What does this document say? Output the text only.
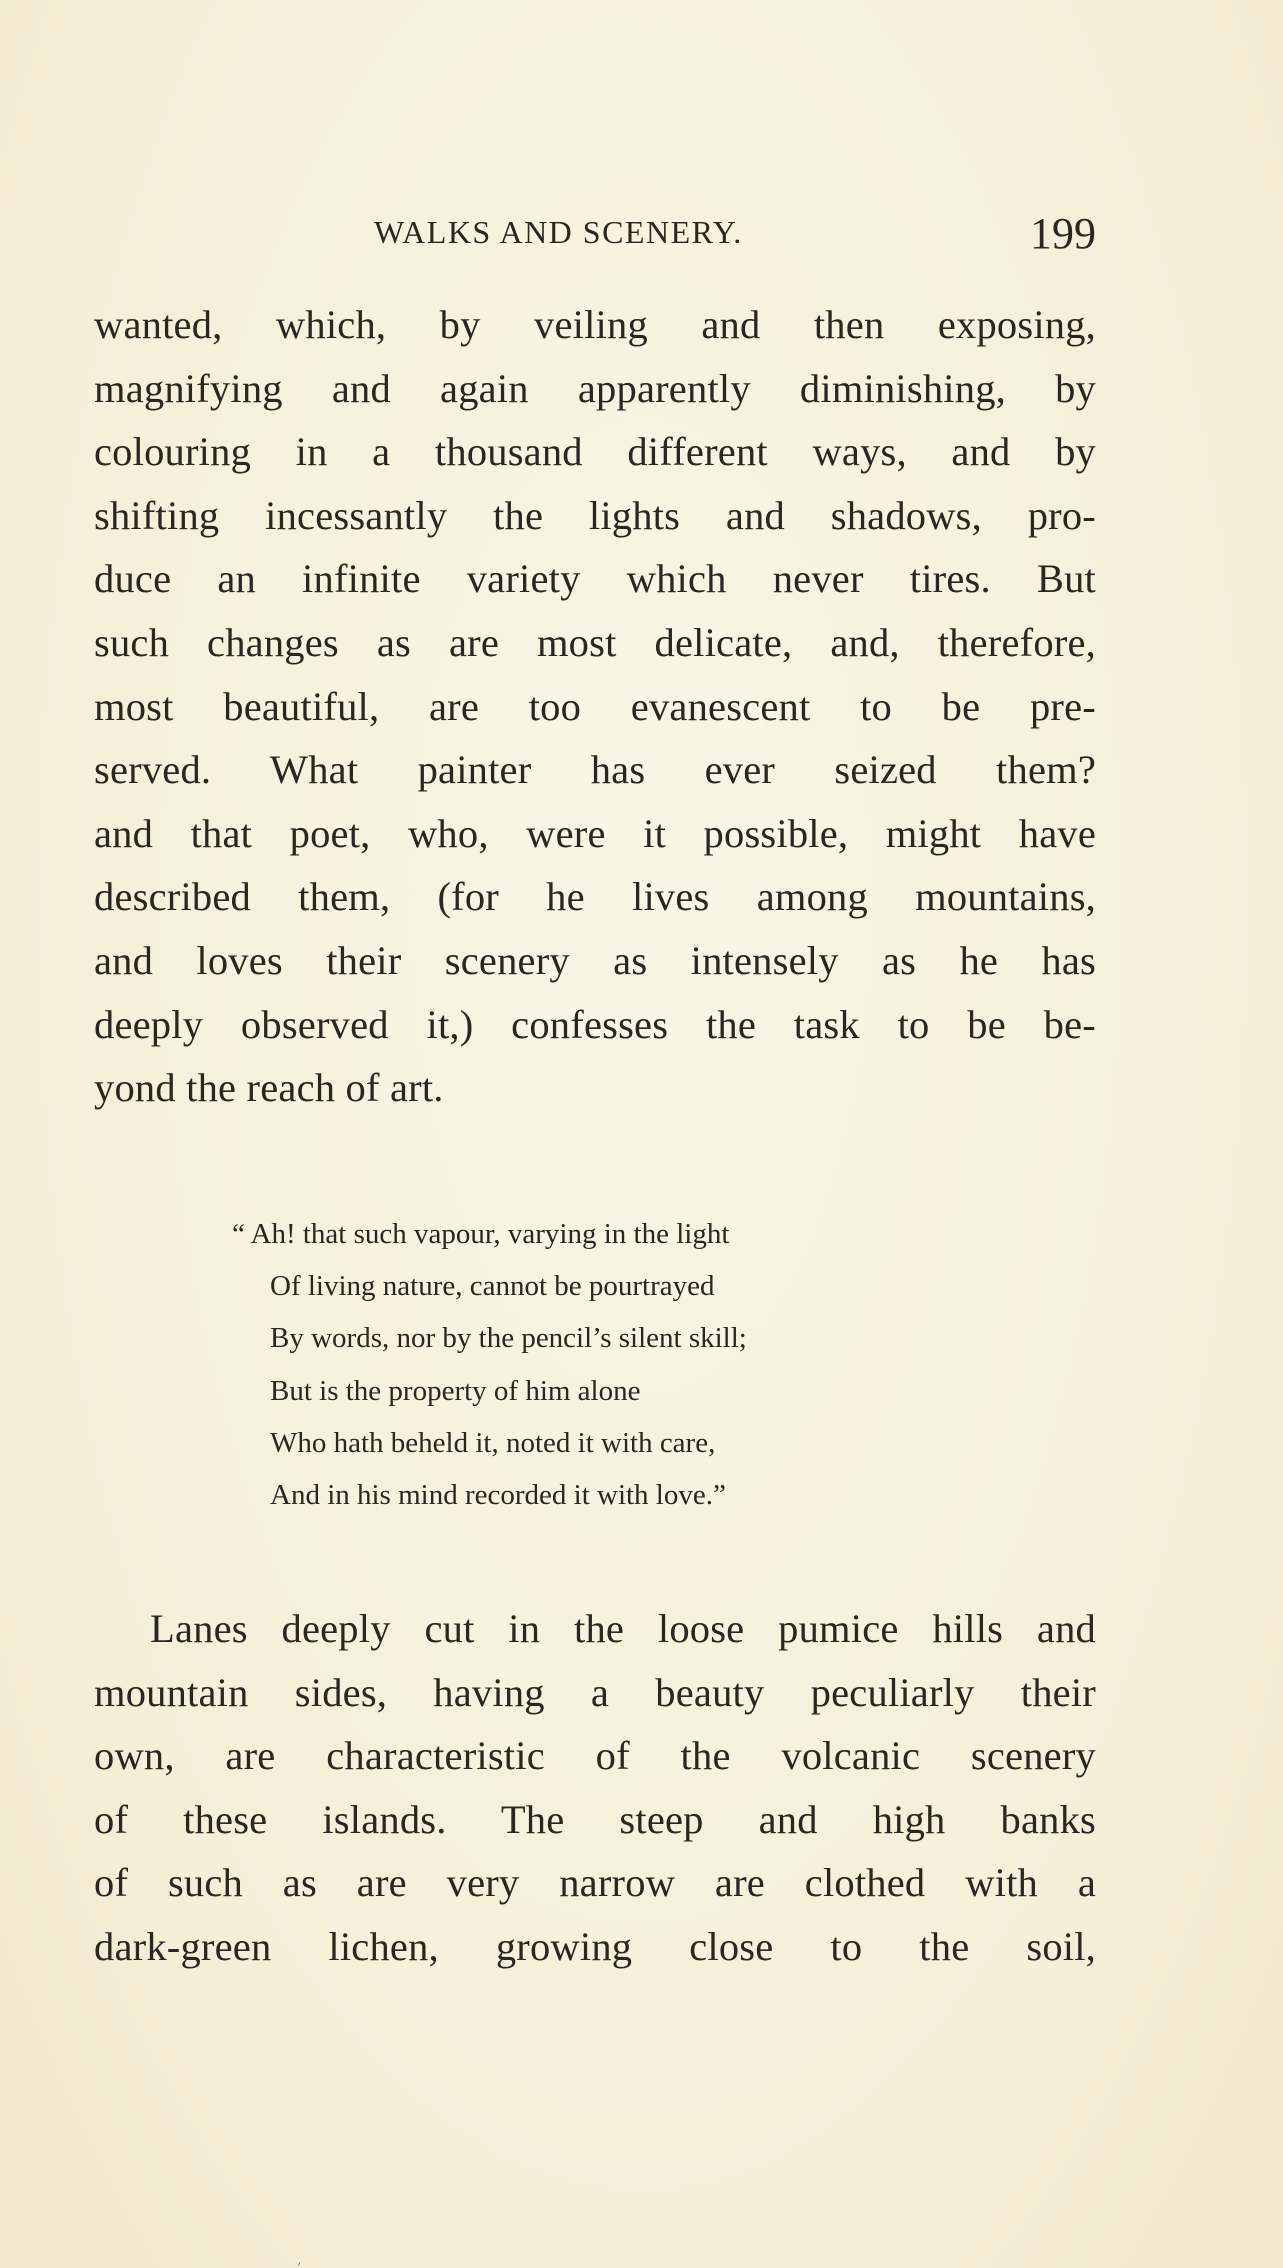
WALKS AND SCENERY.	199
wanted, which, by veiling and then exposing,
magnifying and again apparently diminishing, by
colouring in a thousand different ways, and by
shifting incessantly the lights and shadows, pro-
duce an infinite variety which never tires. But
such changes as are most delicate, and, therefore,
most beautiful, are too evanescent to be pre-
served. What painter has ever seized them?
and that poet, who, were it possible, might have
described them, (for he lives among mountains,
and loves their scenery as intensely as he has
deeply observed it,) confesses the task to be be-
yond the reach of art.
“ Ah! that such vapour, varying in the light
Of living nature, cannot be pourtrayed
By words, nor by the pencil’s silent skill;
But is the property of him alone
Who hath beheld it, noted it with care,
And in his mind recorded it with love.”
Lanes deeply cut in the loose pumice hills and
mountain sides, having a beauty peculiarly their
own, are characteristic of the volcanic scenery
of these islands. The steep and high banks
of such as are very narrow are clothed with a
dark-green lichen, growing close to the soil,
